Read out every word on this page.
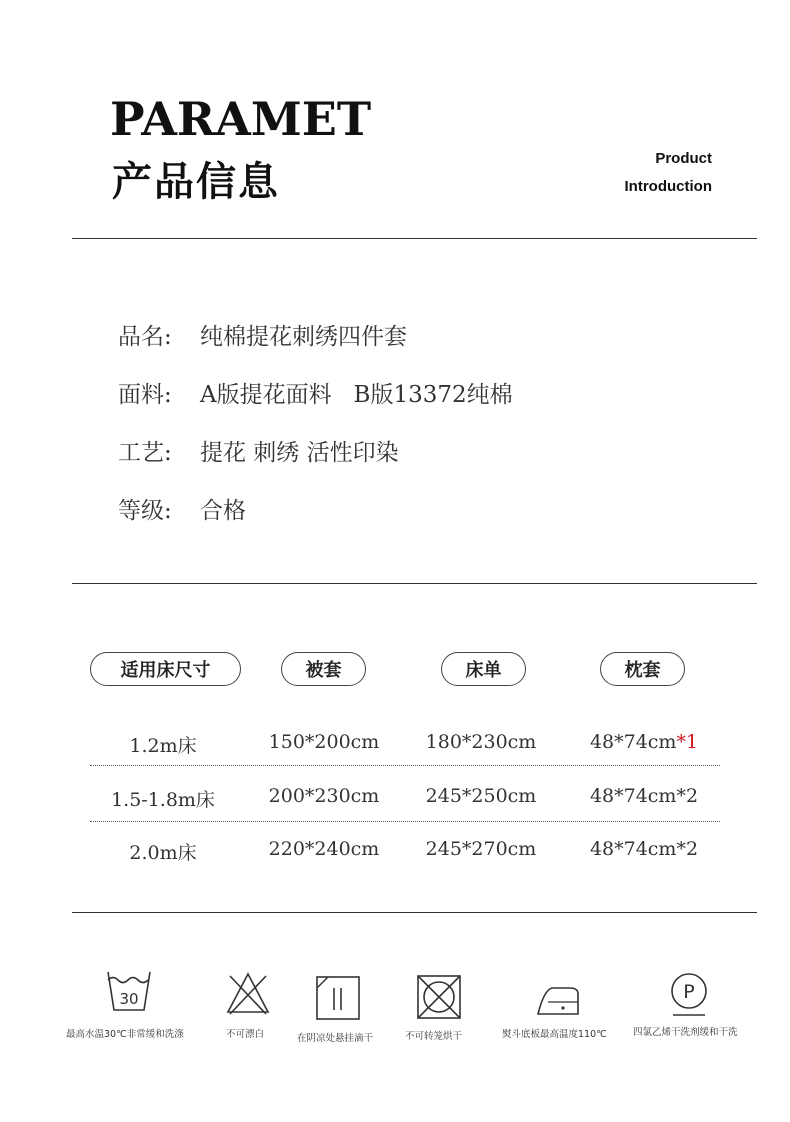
PARAMET
产品信息
Product
Introduction
品名: 纯棉提花刺绣四件套
面料: A版提花面料   B版13372纯棉
工艺: 提花 刺绣 活性印染
等级: 合格
适用床尺寸	被套	床单	枕套
1.2m床	150*200cm	180*230cm	48*74cm*1
1.5-1.8m床	200*230cm	245*250cm	48*74cm*2
2.0m床	220*240cm	245*270cm	48*74cm*2
30	P
最高水温30℃非常缓和洗涤	不可漂白	在阴凉处悬挂滴干	不可转笼烘干	熨斗底板最高温度110℃	四氯乙烯干洗剂缓和干洗
